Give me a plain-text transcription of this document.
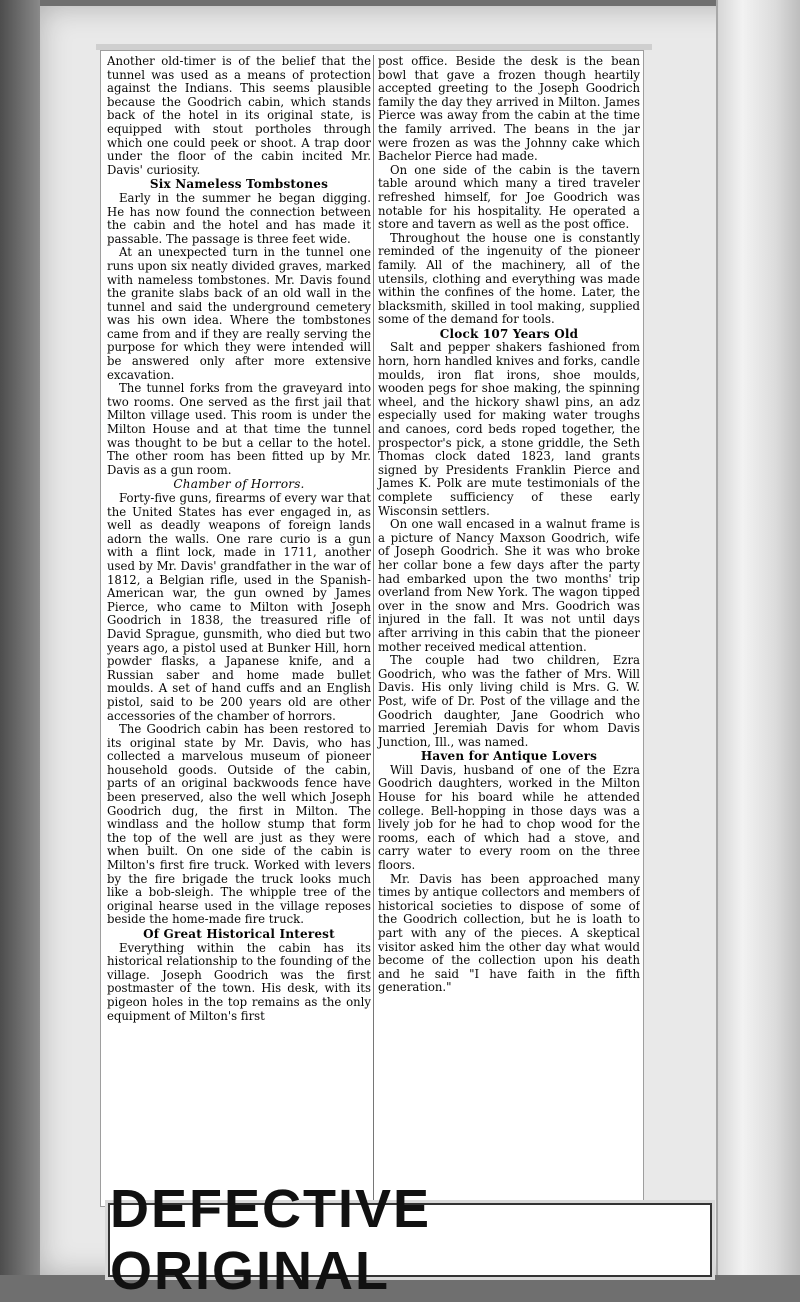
Another old-timer is of the belief that the tunnel was used as a means of protection against the Indians. This seems plausible because the Goodrich cabin, which stands back of the hotel in its original state, is equipped with stout portholes through which one could peek or shoot. A trap door under the floor of the cabin incited Mr. Davis' curiosity.

Six Nameless Tombstones

Early in the summer he began digging. He has now found the connection between the cabin and the hotel and has made it passable. The passage is three feet wide.

At an unexpected turn in the tunnel one runs upon six neatly divided graves, marked with nameless tombstones. Mr. Davis found the granite slabs back of an old wall in the tunnel and said the underground cemetery was his own idea. Where the tombstones came from and if they are really serving the purpose for which they were intended will be answered only after more extensive excavation.

The tunnel forks from the graveyard into two rooms. One served as the first jail that Milton village used. This room is under the Milton House and at that time the tunnel was thought to be but a cellar to the hotel. The other room has been fitted up by Mr. Davis as a gun room.

Chamber of Horrors.

Forty-five guns, firearms of every war that the United States has ever engaged in, as well as deadly weapons of foreign lands adorn the walls. One rare curio is a gun with a flint lock, made in 1711, another used by Mr. Davis' grandfather in the war of 1812, a Belgian rifle, used in the Spanish-American war, the gun owned by James Pierce, who came to Milton with Joseph Goodrich in 1838, the treasured rifle of David Sprague, gunsmith, who died but two years ago, a pistol used at Bunker Hill, horn powder flasks, a Japanese knife, and a Russian saber and home made bullet moulds. A set of hand cuffs and an English pistol, said to be 200 years old are other accessories of the chamber of horrors.

The Goodrich cabin has been restored to its original state by Mr. Davis, who has collected a marvelous museum of pioneer household goods. Outside of the cabin, parts of an original backwoods fence have been preserved, also the well which Joseph Goodrich dug, the first in Milton. The windlass and the hollow stump that form the top of the well are just as they were when built. On one side of the cabin is Milton's first fire truck. Worked with levers by the fire brigade the truck looks much like a bob-sleigh. The whipple tree of the original hearse used in the village reposes beside the home-made fire truck.

Of Great Historical Interest

Everything within the cabin has its historical relationship to the founding of the village. Joseph Goodrich was the first postmaster of the town. His desk, with its pigeon holes in the top remains as the only equipment of Milton's first

post office. Beside the desk is the bean bowl that gave a frozen though heartily accepted greeting to the Joseph Goodrich family the day they arrived in Milton. James Pierce was away from the cabin at the time the family arrived. The beans in the jar were frozen as was the Johnny cake which Bachelor Pierce had made.

On one side of the cabin is the tavern table around which many a tired traveler refreshed himself, for Joe Goodrich was notable for his hospitality. He operated a store and tavern as well as the post office.

Throughout the house one is constantly reminded of the ingenuity of the pioneer family. All of the machinery, all of the utensils, clothing and everything was made within the confines of the home. Later, the blacksmith, skilled in tool making, supplied some of the demand for tools.

Clock 107 Years Old

Salt and pepper shakers fashioned from horn, horn handled knives and forks, candle moulds, iron flat irons, shoe moulds, wooden pegs for shoe making, the spinning wheel, and the hickory shawl pins, an adz especially used for making water troughs and canoes, cord beds roped together, the prospector's pick, a stone griddle, the Seth Thomas clock dated 1823, land grants signed by Presidents Franklin Pierce and James K. Polk are mute testimonials of the complete sufficiency of these early Wisconsin settlers.

On one wall encased in a walnut frame is a picture of Nancy Maxson Goodrich, wife of Joseph Goodrich. She it was who broke her collar bone a few days after the party had embarked upon the two months' trip overland from New York. The wagon tipped over in the snow and Mrs. Goodrich was injured in the fall. It was not until days after arriving in this cabin that the pioneer mother received medical attention.

The couple had two children, Ezra Goodrich, who was the father of Mrs. Will Davis. His only living child is Mrs. G. W. Post, wife of Dr. Post of the village and the Goodrich daughter, Jane Goodrich who married Jeremiah Davis for whom Davis Junction, Ill., was named.

Haven for Antique Lovers

Will Davis, husband of one of the Ezra Goodrich daughters, worked in the Milton House for his board while he attended college. Bell-hopping in those days was a lively job for he had to chop wood for the rooms, each of which had a stove, and carry water to every room on the three floors.

Mr. Davis has been approached many times by antique collectors and members of historical societies to dispose of some of the Goodrich collection, but he is loath to part with any of the pieces. A skeptical visitor asked him the other day what would become of the collection upon his death and he said "I have faith in the fifth generation."

DEFECTIVE ORIGINAL
